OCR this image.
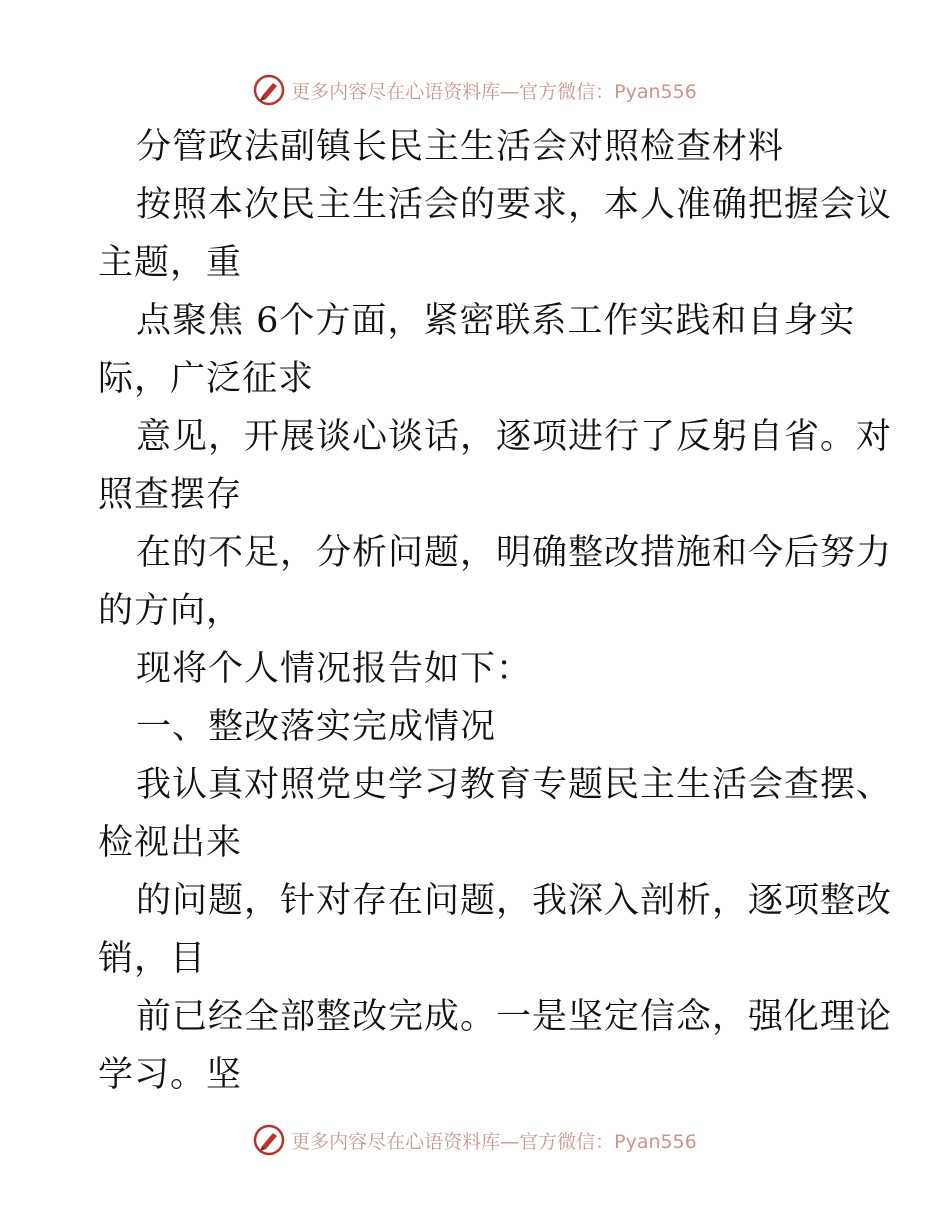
更多内容尽在心语资料库—官方微信：Pyan556
分管政法副镇长民主生活会对照检查材料
按照本次民主生活会的要求，本人准确把握会议
主题，重
点聚焦 6个方面，紧密联系工作实践和自身实
际，广泛征求
意见，开展谈心谈话，逐项进行了反躬自省。对
照查摆存
在的不足，分析问题，明确整改措施和今后努力
的方向，
现将个人情况报告如下：
一、整改落实完成情况
我认真对照党史学习教育专题民主生活会查摆、
检视出来
的问题，针对存在问题，我深入剖析，逐项整改
销，目
前已经全部整改完成。一是坚定信念，强化理论
学习。坚
更多内容尽在心语资料库—官方微信：Pyan556
